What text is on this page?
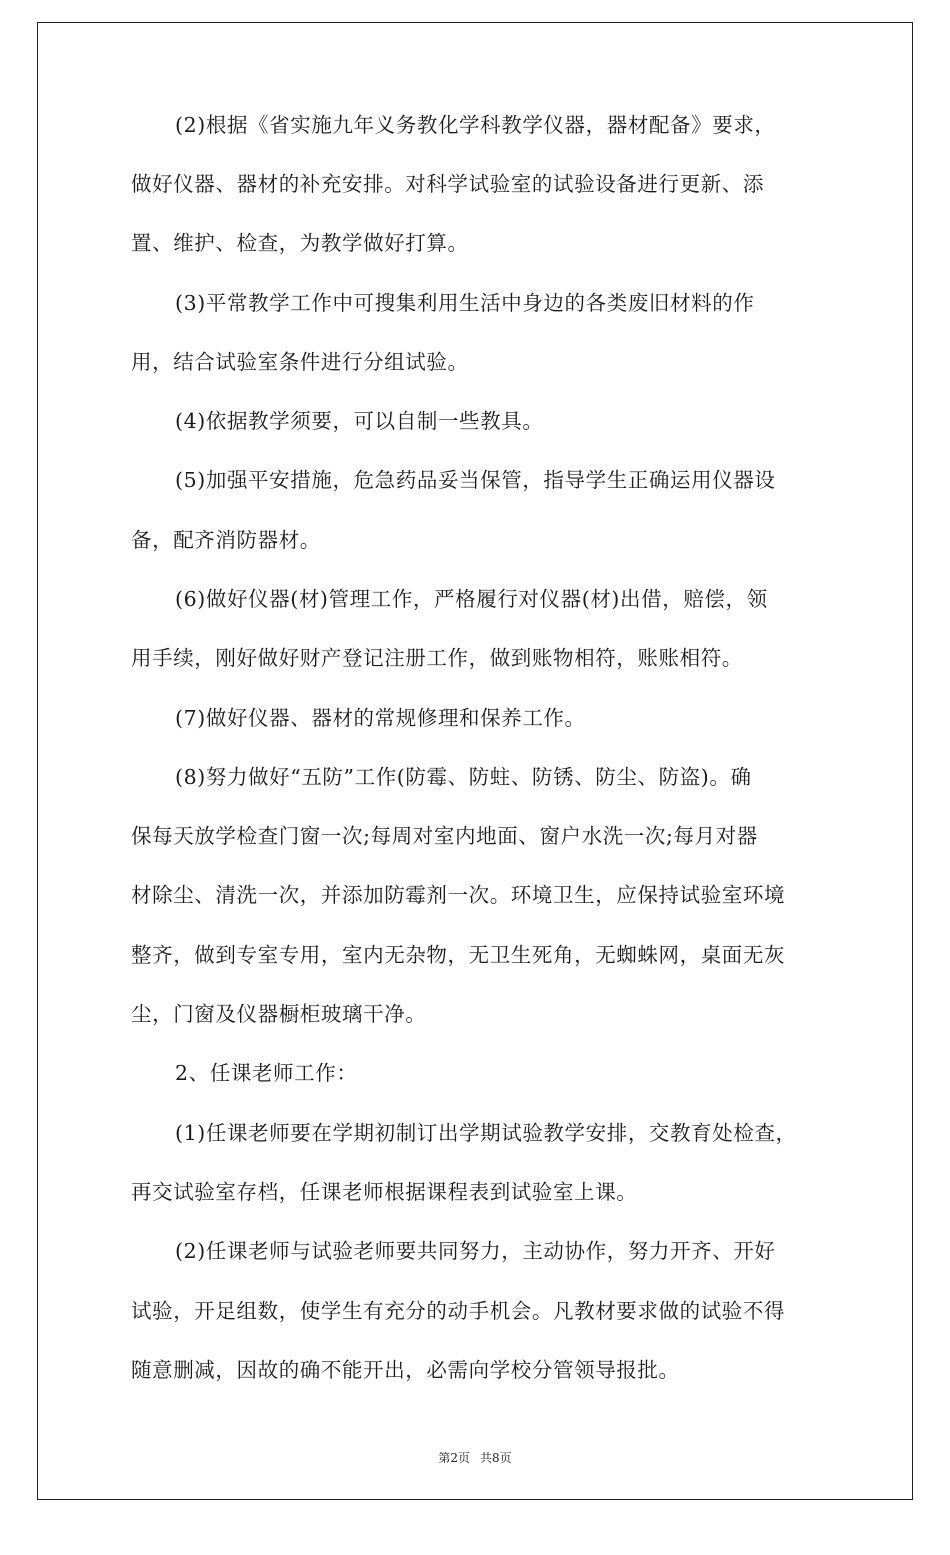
(2)根据《省实施九年义务教化学科教学仪器，器材配备》要求，
做好仪器、器材的补充安排。对科学试验室的试验设备进行更新、添
置、维护、检查，为教学做好打算。
(3)平常教学工作中可搜集利用生活中身边的各类废旧材料的作
用，结合试验室条件进行分组试验。
(4)依据教学须要，可以自制一些教具。
(5)加强平安措施，危急药品妥当保管，指导学生正确运用仪器设
备，配齐消防器材。
(6)做好仪器(材)管理工作，严格履行对仪器(材)出借，赔偿，领
用手续，刚好做好财产登记注册工作，做到账物相符，账账相符。
(7)做好仪器、器材的常规修理和保养工作。
(8)努力做好“五防”工作(防霉、防蛀、防锈、防尘、防盗)。确
保每天放学检查门窗一次;每周对室内地面、窗户水洗一次;每月对器
材除尘、清洗一次，并添加防霉剂一次。环境卫生，应保持试验室环境
整齐，做到专室专用，室内无杂物，无卫生死角，无蜘蛛网，桌面无灰
尘，门窗及仪器橱柜玻璃干净。
2、任课老师工作：
(1)任课老师要在学期初制订出学期试验教学安排，交教育处检查，
再交试验室存档，任课老师根据课程表到试验室上课。
(2)任课老师与试验老师要共同努力，主动协作，努力开齐、开好
试验，开足组数，使学生有充分的动手机会。凡教材要求做的试验不得
随意删减，因故的确不能开出，必需向学校分管领导报批。
第2页 共8页
